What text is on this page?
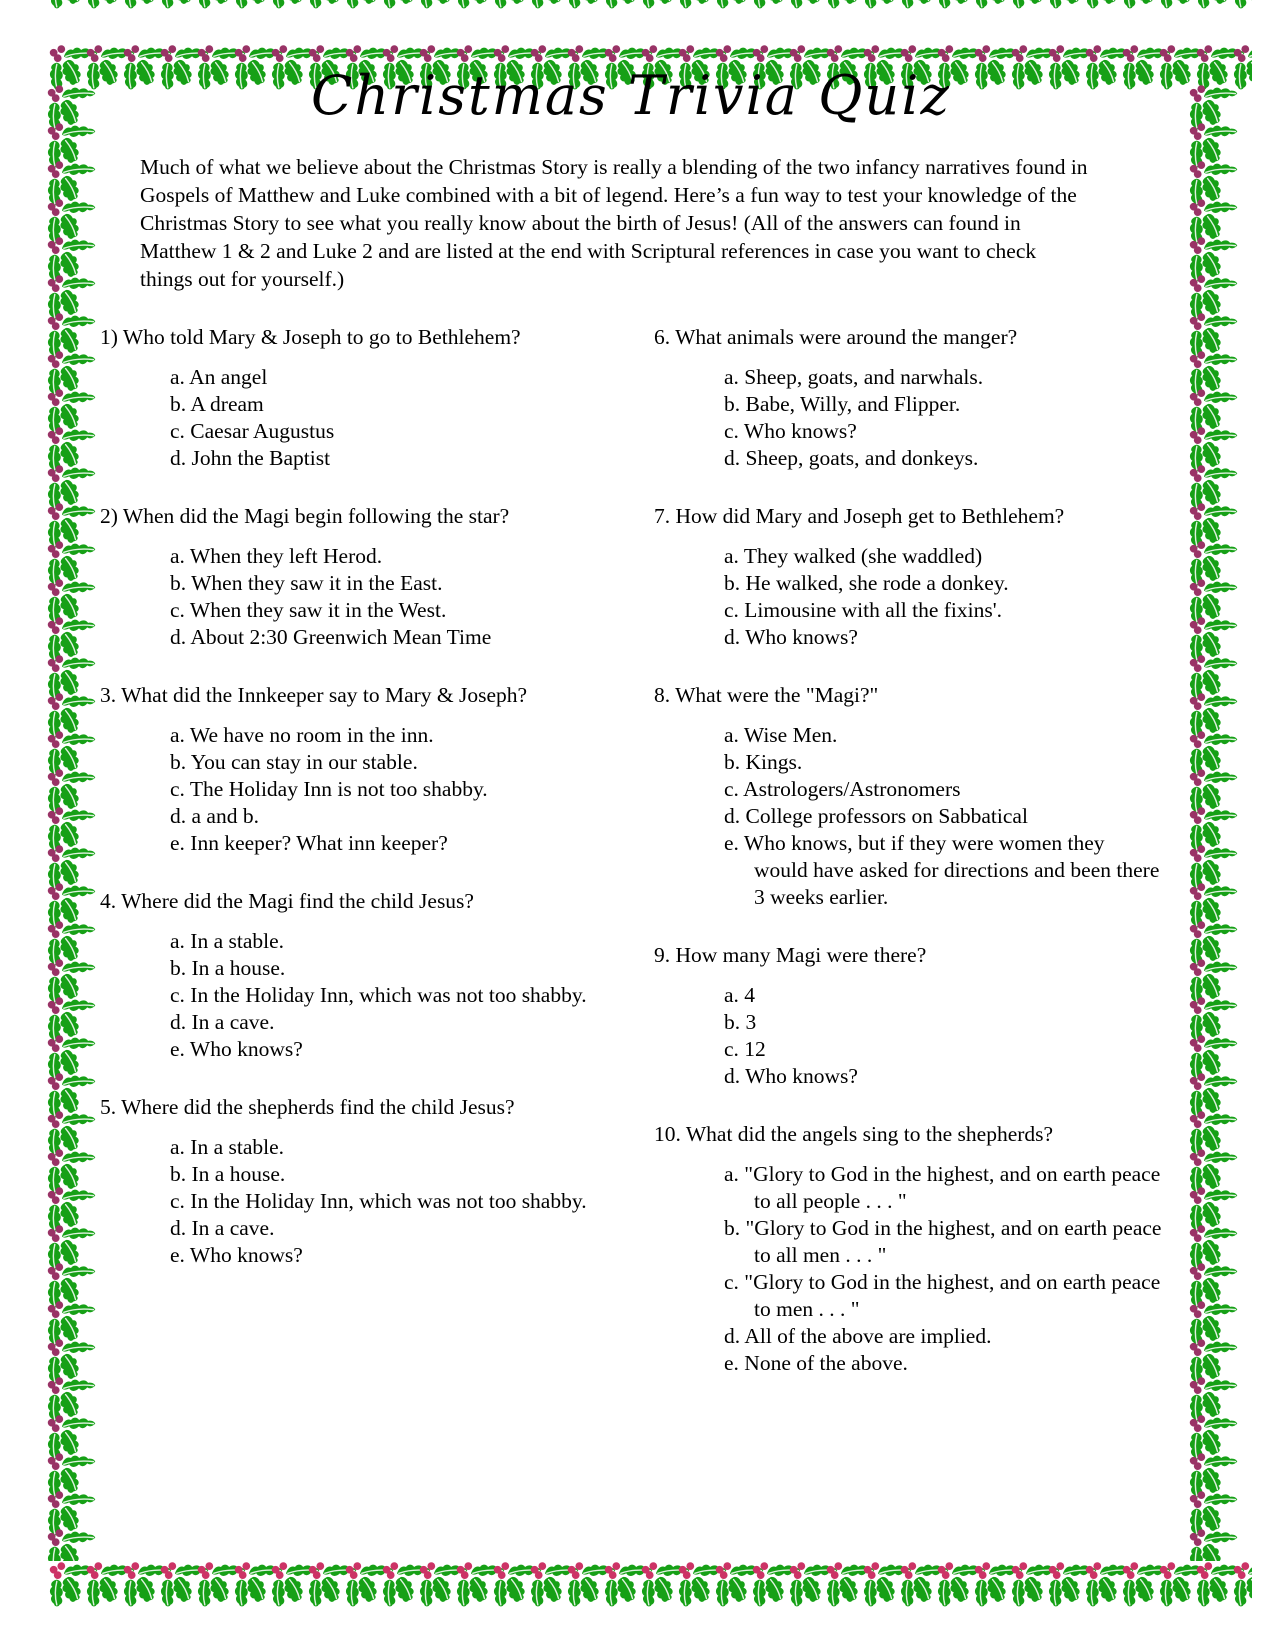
Christmas Trivia Quiz

Much of what we believe about the Christmas Story is really a blending of the two infancy narratives found in Gospels of Matthew and Luke combined with a bit of legend. Here’s a fun way to test your knowledge of the Christmas Story to see what you really know about the birth of Jesus! (All of the answers can found in Matthew 1 & 2 and Luke 2 and are listed at the end with Scriptural references in case you want to check things out for yourself.)

1) Who told Mary & Joseph to go to Bethlehem?

a. An angel

b. A dream

c. Caesar Augustus

d. John the Baptist

2) When did the Magi begin following the star?

a. When they left Herod.

b. When they saw it in the East.

c. When they saw it in the West.

d. About 2:30 Greenwich Mean Time

3. What did the Innkeeper say to Mary & Joseph?

a. We have no room in the inn.

b. You can stay in our stable.

c. The Holiday Inn is not too shabby.

d. a and b.

e. Inn keeper? What inn keeper?

4. Where did the Magi find the child Jesus?

a. In a stable.

b. In a house.

c. In the Holiday Inn, which was not too shabby.

d. In a cave.

e. Who knows?

5. Where did the shepherds find the child Jesus?

a. In a stable.

b. In a house.

c. In the Holiday Inn, which was not too shabby.

d. In a cave.

e. Who knows?

6. What animals were around the manger?

a. Sheep, goats, and narwhals.

b. Babe, Willy, and Flipper.

c. Who knows?

d. Sheep, goats, and donkeys.

7. How did Mary and Joseph get to Bethlehem?

a. They walked (she waddled)

b. He walked, she rode a donkey.

c. Limousine with all the fixins'.

d. Who knows?

8. What were the "Magi?"

a. Wise Men.

b. Kings.

c. Astrologers/Astronomers

d. College professors on Sabbatical

e. Who knows, but if they were women they would have asked for directions and been there 3 weeks earlier.

9. How many Magi were there?

a. 4

b. 3

c. 12

d. Who knows?

10. What did the angels sing to the shepherds?

a. "Glory to God in the highest, and on earth peace to all people . . . "

b. "Glory to God in the highest, and on earth peace to all men . . . "

c. "Glory to God in the highest, and on earth peace to men . . . "

d. All of the above are implied.

e. None of the above.
